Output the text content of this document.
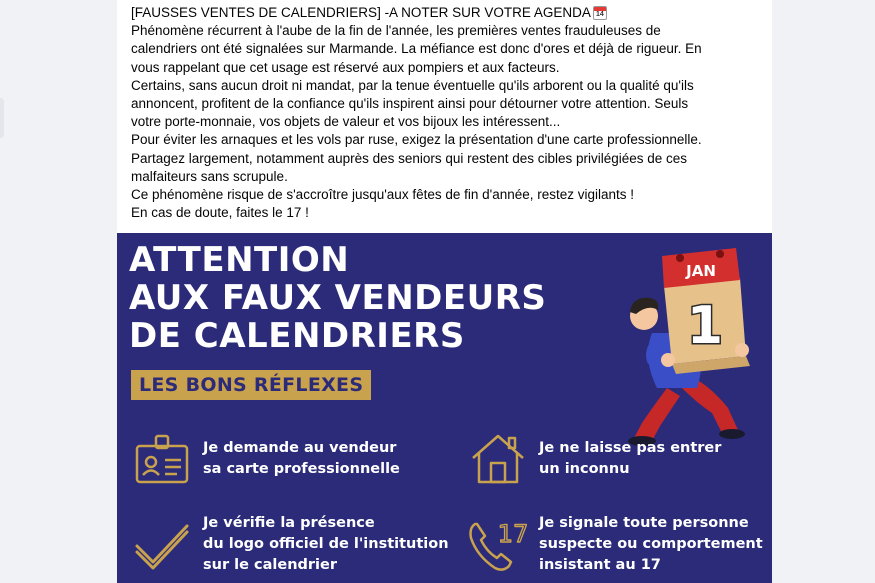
[FAUSSES VENTES DE CALENDRIERS] -A NOTER SUR VOTRE AGENDA 14

Phénomène récurrent à l'aube de la fin de l'année, les premières ventes frauduleuses de

calendriers ont été signalées sur Marmande. La méfiance est donc d'ores et déjà de rigueur. En

vous rappelant que cet usage est réservé aux pompiers et aux facteurs.

Certains, sans aucun droit ni mandat, par la tenue éventuelle qu'ils arborent ou la qualité qu'ils

annoncent, profitent de la confiance qu'ils inspirent ainsi pour détourner votre attention. Seuls

votre porte-monnaie, vos objets de valeur et vos bijoux les intéressent...

Pour éviter les arnaques et les vols par ruse, exigez la présentation d'une carte professionnelle.

Partagez largement, notamment auprès des seniors qui restent des cibles privilégiées de ces

malfaiteurs sans scrupule.

Ce phénomène risque de s'accroître jusqu'aux fêtes de fin d'année, restez vigilants !

En cas de doute, faites le 17 !

ATTENTION
AUX FAUX VENDEURS
DE CALENDRIERS
LES BONS RÉFLEXES
JAN
1
Je demande au vendeur
sa carte professionnelle
Je ne laisse pas entrer
un inconnu
Je vérifie la présence
du logo officiel de l'institution
sur le calendrier
17 Je signale toute personne
suspecte ou comportement
insistant au 17
